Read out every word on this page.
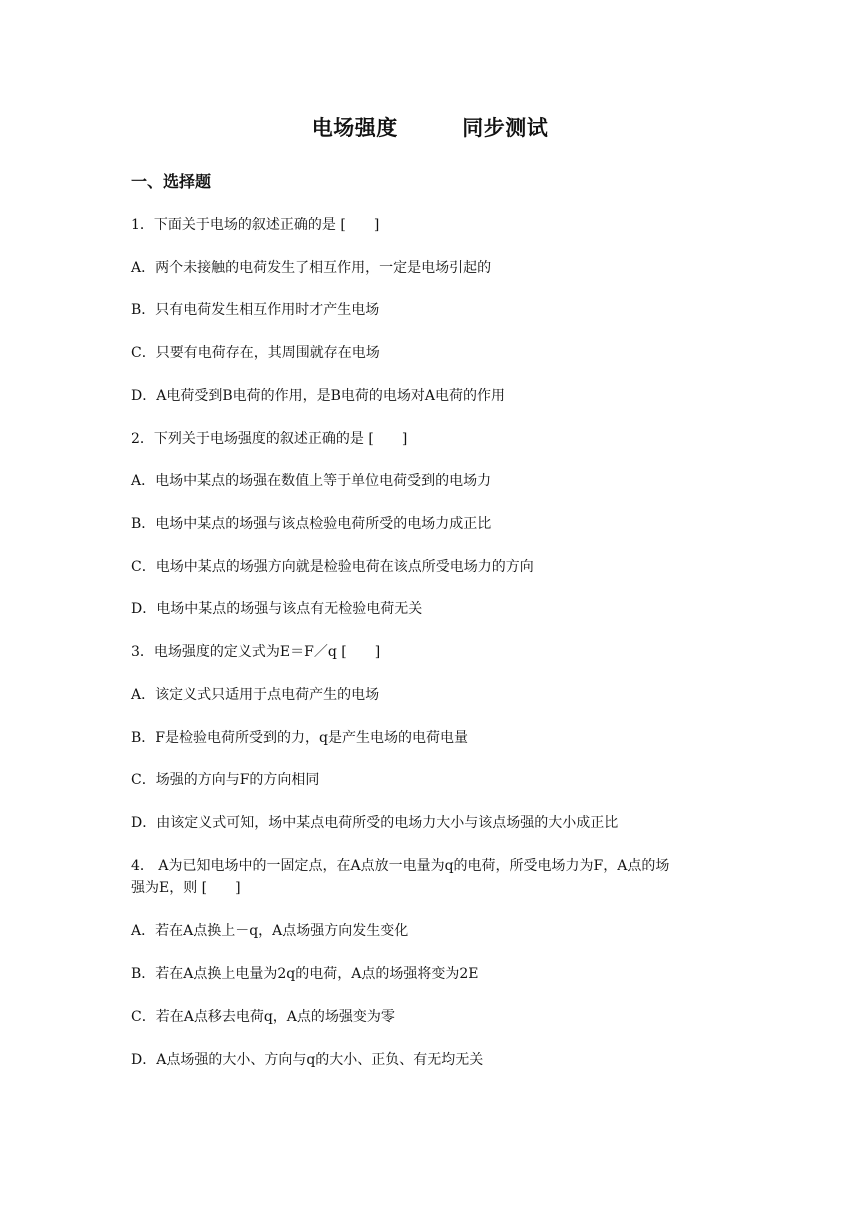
电场强度　　　同步测试
一、选择题
1．下面关于电场的叙述正确的是 [　　]
A．两个未接触的电荷发生了相互作用，一定是电场引起的
B．只有电荷发生相互作用时才产生电场
C．只要有电荷存在，其周围就存在电场
D．A电荷受到B电荷的作用，是B电荷的电场对A电荷的作用
2．下列关于电场强度的叙述正确的是 [　　]
A．电场中某点的场强在数值上等于单位电荷受到的电场力
B．电场中某点的场强与该点检验电荷所受的电场力成正比
C．电场中某点的场强方向就是检验电荷在该点所受电场力的方向
D．电场中某点的场强与该点有无检验电荷无关
3．电场强度的定义式为E＝F／q [　　]
A．该定义式只适用于点电荷产生的电场
B．F是检验电荷所受到的力，q是产生电场的电荷电量
C．场强的方向与F的方向相同
D．由该定义式可知，场中某点电荷所受的电场力大小与该点场强的大小成正比
4． A为已知电场中的一固定点，在A点放一电量为q的电荷，所受电场力为F，A点的场
强为E，则 [　　]
A．若在A点换上－q，A点场强方向发生变化
B．若在A点换上电量为2q的电荷，A点的场强将变为2E
C．若在A点移去电荷q，A点的场强变为零
D．A点场强的大小、方向与q的大小、正负、有无均无关
